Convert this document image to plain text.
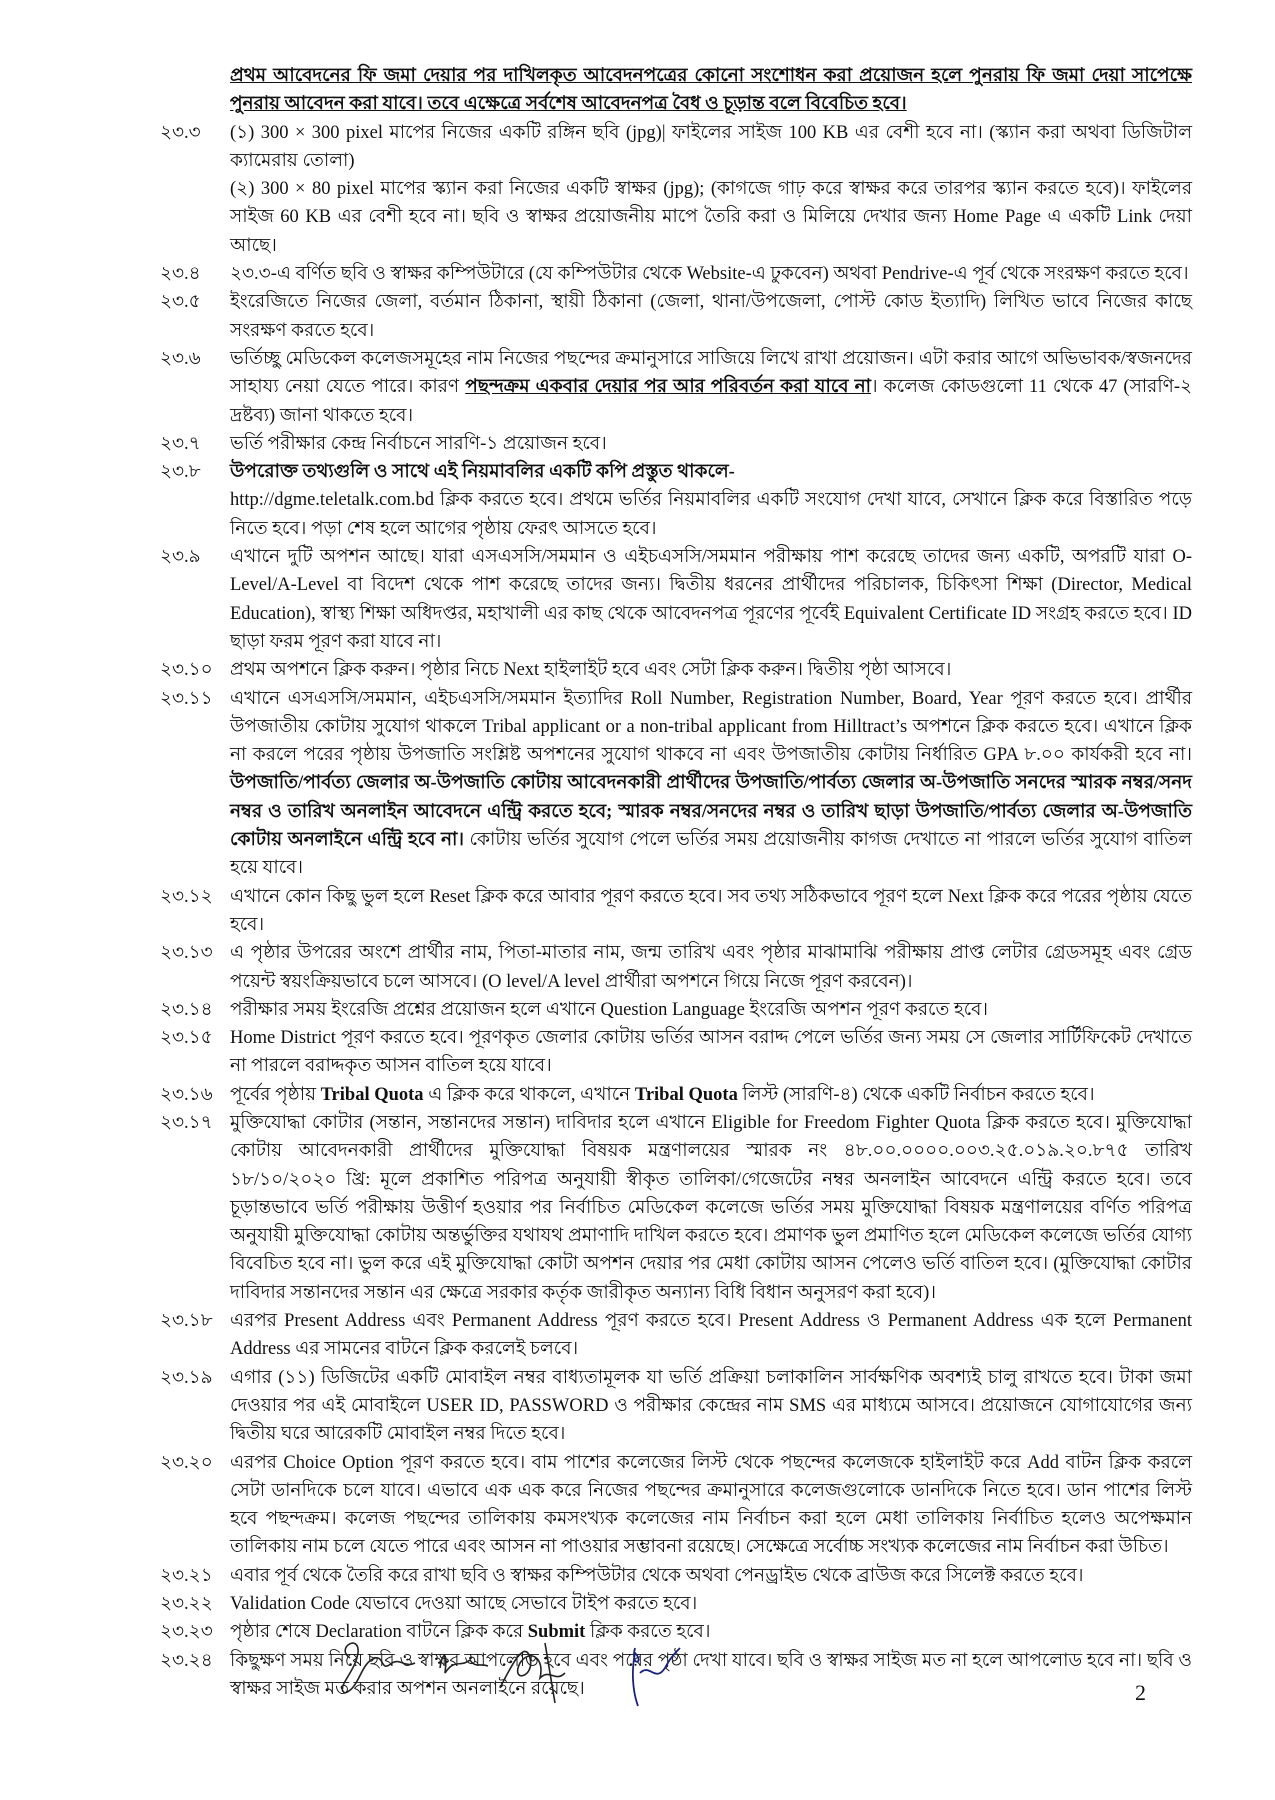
প্রথম আবেদনের ফি জমা দেয়ার পর দাখিলকৃত আবেদনপত্রের কোনো সংশোধন করা প্রয়োজন হলে পুনরায় ফি জমা দেয়া সাপেক্ষে পুনরায় আবেদন করা যাবে। তবে এক্ষেত্রে সর্বশেষ আবেদনপত্র বৈধ ও চূড়ান্ত বলে বিবেচিত হবে।
২৩.৩	(১) 300 × 300 pixel মাপের নিজের একটি রঙ্গিন ছবি (jpg)| ফাইলের সাইজ 100 KB এর বেশী হবে না। (স্ক্যান করা অথবা ডিজিটাল ক্যামেরায় তোলা)

(২) 300 × 80 pixel মাপের স্ক্যান করা নিজের একটি স্বাক্ষর (jpg); (কাগজে গাঢ় করে স্বাক্ষর করে তারপর স্ক্যান করতে হবে)। ফাইলের সাইজ 60 KB এর বেশী হবে না। ছবি ও স্বাক্ষর প্রয়োজনীয় মাপে তৈরি করা ও মিলিয়ে দেখার জন্য Home Page এ একটি Link দেয়া আছে।

২৩.৪	২৩.৩-এ বর্ণিত ছবি ও স্বাক্ষর কম্পিউটারে (যে কম্পিউটার থেকে Website-এ ঢুকবেন) অথবা Pendrive-এ পূর্ব থেকে সংরক্ষণ করতে হবে।

২৩.৫	ইংরেজিতে নিজের জেলা, বর্তমান ঠিকানা, স্থায়ী ঠিকানা (জেলা, থানা/উপজেলা, পোস্ট কোড ইত্যাদি) লিখিত ভাবে নিজের কাছে সংরক্ষণ করতে হবে।

২৩.৬	ভর্তিচ্ছু মেডিকেল কলেজসমূহের নাম নিজের পছন্দের ক্রমানুসারে সাজিয়ে লিখে রাখা প্রয়োজন। এটা করার আগে অভিভাবক/স্বজনদের সাহায্য নেয়া যেতে পারে। কারণ পছন্দক্রম একবার দেয়ার পর আর পরিবর্তন করা যাবে না। কলেজ কোডগুলো 11 থেকে 47 (সারণি-২ দ্রষ্টব্য) জানা থাকতে হবে।

২৩.৭	ভর্তি পরীক্ষার কেন্দ্র নির্বাচনে সারণি-১ প্রয়োজন হবে।

২৩.৮	উপরোক্ত তথ্যগুলি ও সাথে এই নিয়মাবলির একটি কপি প্রস্তুত থাকলে-

http://dgme.teletalk.com.bd ক্লিক করতে হবে। প্রথমে ভর্তির নিয়মাবলির একটি সংযোগ দেখা যাবে, সেখানে ক্লিক করে বিস্তারিত পড়ে নিতে হবে। পড়া শেষ হলে আগের পৃষ্ঠায় ফেরৎ আসতে হবে।

২৩.৯	এখানে দুটি অপশন আছে। যারা এসএসসি/সমমান ও এইচএসসি/সমমান পরীক্ষায় পাশ করেছে তাদের জন্য একটি, অপরটি যারা O-Level/A-Level বা বিদেশ থেকে পাশ করেছে তাদের জন্য। দ্বিতীয় ধরনের প্রার্থীদের পরিচালক, চিকিৎসা শিক্ষা (Director, Medical Education), স্বাস্থ্য শিক্ষা অধিদপ্তর, মহাখালী এর কাছ থেকে আবেদনপত্র পূরণের পূর্বেই Equivalent Certificate ID সংগ্রহ করতে হবে। ID ছাড়া ফরম পূরণ করা যাবে না।

২৩.১০ প্রথম অপশনে ক্লিক করুন। পৃষ্ঠার নিচে Next হাইলাইট হবে এবং সেটা ক্লিক করুন। দ্বিতীয় পৃষ্ঠা আসবে।

২৩.১১ এখানে এসএসসি/সমমান, এইচএসসি/সমমান ইত্যাদির Roll Number, Registration Number, Board, Year পূরণ করতে হবে। প্রার্থীর উপজাতীয় কোটায় সুযোগ থাকলে Tribal applicant or a non-tribal applicant from Hilltract’s অপশনে ক্লিক করতে হবে। এখানে ক্লিক না করলে পরের পৃষ্ঠায় উপজাতি সংশ্লিষ্ট অপশনের সুযোগ থাকবে না এবং উপজাতীয় কোটায় নির্ধারিত GPA ৮.০০ কার্যকরী হবে না। উপজাতি/পার্বত্য জেলার অ-উপজাতি কোটায় আবেদনকারী প্রার্থীদের উপজাতি/পার্বত্য জেলার অ-উপজাতি সনদের স্মারক নম্বর/সনদ নম্বর ও তারিখ অনলাইন আবেদনে এন্ট্রি করতে হবে; স্মারক নম্বর/সনদের নম্বর ও তারিখ ছাড়া উপজাতি/পার্বত্য জেলার অ-উপজাতি কোটায় অনলাইনে এন্ট্রি হবে না। কোটায় ভর্তির সুযোগ পেলে ভর্তির সময় প্রয়োজনীয় কাগজ দেখাতে না পারলে ভর্তির সুযোগ বাতিল হয়ে যাবে।

২৩.১২ এখানে কোন কিছু ভুল হলে Reset ক্লিক করে আবার পূরণ করতে হবে। সব তথ্য সঠিকভাবে পূরণ হলে Next ক্লিক করে পরের পৃষ্ঠায় যেতে হবে।

২৩.১৩ এ পৃষ্ঠার উপরের অংশে প্রার্থীর নাম, পিতা-মাতার নাম, জন্ম তারিখ এবং পৃষ্ঠার মাঝামাঝি পরীক্ষায় প্রাপ্ত লেটার গ্রেডসমূহ এবং গ্রেড পয়েন্ট স্বয়ংক্রিয়ভাবে চলে আসবে। (O level/A level প্রার্থীরা অপশনে গিয়ে নিজে পূরণ করবেন)।

২৩.১৪ পরীক্ষার সময় ইংরেজি প্রশ্নের প্রয়োজন হলে এখানে Question Language ইংরেজি অপশন পূরণ করতে হবে।

২৩.১৫ Home District পূরণ করতে হবে। পূরণকৃত জেলার কোটায় ভর্তির আসন বরাদ্দ পেলে ভর্তির জন্য সময় সে জেলার সার্টিফিকেট দেখাতে না পারলে বরাদ্দকৃত আসন বাতিল হয়ে যাবে।

২৩.১৬ পূর্বের পৃষ্ঠায় Tribal Quota এ ক্লিক করে থাকলে, এখানে Tribal Quota লিস্ট (সারণি-৪) থেকে একটি নির্বাচন করতে হবে।

২৩.১৭ মুক্তিযোদ্ধা কোটার (সন্তান, সন্তানদের সন্তান) দাবিদার হলে এখানে Eligible for Freedom Fighter Quota ক্লিক করতে হবে। মুক্তিযোদ্ধা কোটায় আবেদনকারী প্রার্থীদের মুক্তিযোদ্ধা বিষয়ক মন্ত্রণালয়ের স্মারক নং ৪৮.০০.০০০০.০০৩.২৫.০১৯.২০.৮৭৫ তারিখ ১৮/১০/২০২০ খ্রি: মূলে প্রকাশিত পরিপত্র অনুযায়ী স্বীকৃত তালিকা/গেজেটের নম্বর অনলাইন আবেদনে এন্ট্রি করতে হবে। তবে চূড়ান্তভাবে ভর্তি পরীক্ষায় উত্তীর্ণ হওয়ার পর নির্বাচিত মেডিকেল কলেজে ভর্তির সময় মুক্তিযোদ্ধা বিষয়ক মন্ত্রণালয়ের বর্ণিত পরিপত্র অনুযায়ী মুক্তিযোদ্ধা কোটায় অন্তর্ভুক্তির যথাযথ প্রমাণাদি দাখিল করতে হবে। প্রমাণক ভুল প্রমাণিত হলে মেডিকেল কলেজে ভর্তির যোগ্য বিবেচিত হবে না। ভুল করে এই মুক্তিযোদ্ধা কোটা অপশন দেয়ার পর মেধা কোটায় আসন পেলেও ভর্তি বাতিল হবে। (মুক্তিযোদ্ধা কোটার দাবিদার সন্তানদের সন্তান এর ক্ষেত্রে সরকার কর্তৃক জারীকৃত অন্যান্য বিধি বিধান অনুসরণ করা হবে)।

২৩.১৮ এরপর Present Address এবং Permanent Address পূরণ করতে হবে। Present Address ও Permanent Address এক হলে Permanent Address এর সামনের বাটনে ক্লিক করলেই চলবে।

২৩.১৯ এগার (১১) ডিজিটের একটি মোবাইল নম্বর বাধ্যতামূলক যা ভর্তি প্রক্রিয়া চলাকালিন সার্বক্ষণিক অবশ্যই চালু রাখতে হবে। টাকা জমা দেওয়ার পর এই মোবাইলে USER ID, PASSWORD ও পরীক্ষার কেন্দ্রের নাম SMS এর মাধ্যমে আসবে। প্রয়োজনে যোগাযোগের জন্য দ্বিতীয় ঘরে আরেকটি মোবাইল নম্বর দিতে হবে।

২৩.২০ এরপর Choice Option পূরণ করতে হবে। বাম পাশের কলেজের লিস্ট থেকে পছন্দের কলেজকে হাইলাইট করে Add বাটন ক্লিক করলে সেটা ডানদিকে চলে যাবে। এভাবে এক এক করে নিজের পছন্দের ক্রমানুসারে কলেজগুলোকে ডানদিকে নিতে হবে। ডান পাশের লিস্ট হবে পছন্দক্রম। কলেজ পছন্দের তালিকায় কমসংখ্যক কলেজের নাম নির্বাচন করা হলে মেধা তালিকায় নির্বাচিত হলেও অপেক্ষমান তালিকায় নাম চলে যেতে পারে এবং আসন না পাওয়ার সম্ভাবনা রয়েছে। সেক্ষেত্রে সর্বোচ্চ সংখ্যক কলেজের নাম নির্বাচন করা উচিত।

২৩.২১ এবার পূর্ব থেকে তৈরি করে রাখা ছবি ও স্বাক্ষর কম্পিউটার থেকে অথবা পেনড্রাইভ থেকে ব্রাউজ করে সিলেক্ট করতে হবে।

২৩.২২ Validation Code যেভাবে দেওয়া আছে সেভাবে টাইপ করতে হবে।

২৩.২৩ পৃষ্ঠার শেষে Declaration বাটনে ক্লিক করে Submit ক্লিক করতে হবে।

২৩.২৪ কিছুক্ষণ সময় নিয়ে ছবি ও স্বাক্ষর আপলোড হবে এবং পরের পৃষ্ঠা দেখা যাবে। ছবি ও স্বাক্ষর সাইজ মত না হলে আপলোড হবে না। ছবি ও স্বাক্ষর সাইজ মত করার অপশন অনলাইনে রয়েছে।	2
